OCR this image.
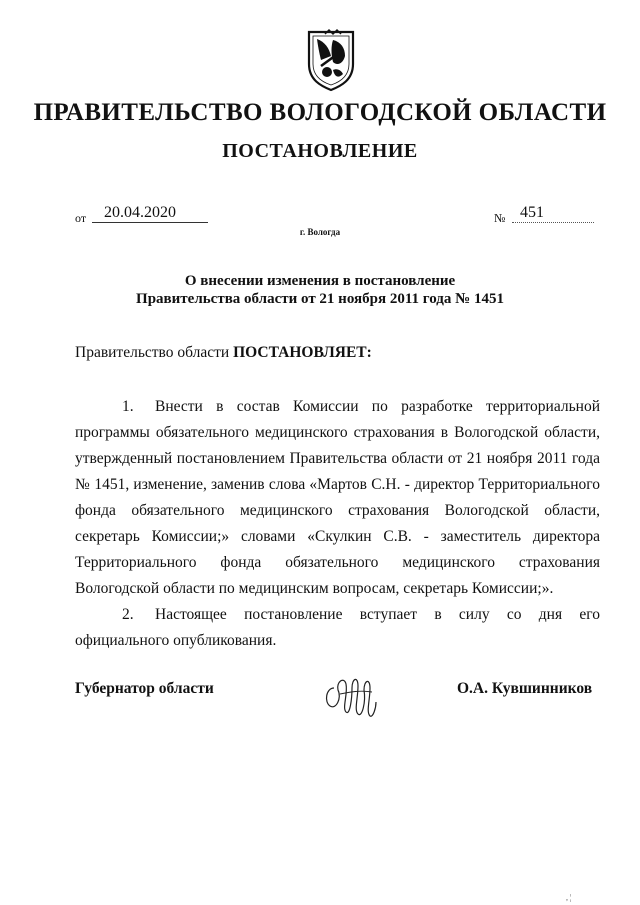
ПРАВИТЕЛЬСТВО ВОЛОГОДСКОЙ ОБЛАСТИ
ПОСТАНОВЛЕНИЕ
от	20.04.2020	№ 451
г. Вологда
О внесении изменения в постановление
Правительства области от 21 ноября 2011 года № 1451
Правительство области ПОСТАНОВЛЯЕТ:

1. Внести в состав Комиссии по разработке территориальной программы обязательного медицинского страхования в Вологодской области, утвержденный постановлением Правительства области от 21 ноября 2011 года № 1451, изменение, заменив слова «Мартов С.Н. - директор Территориального фонда обязательного медицинского страхования Вологодской области, секретарь Комиссии;» словами «Скулкин С.В. - заместитель директора Территориального фонда обязательного медицинского страхования Вологодской области по медицинским вопросам, секретарь Комиссии;».

2. Настоящее постановление вступает в силу со дня его официального опубликования.

Губернатор области	О.А. Кувшинников
, ¦
